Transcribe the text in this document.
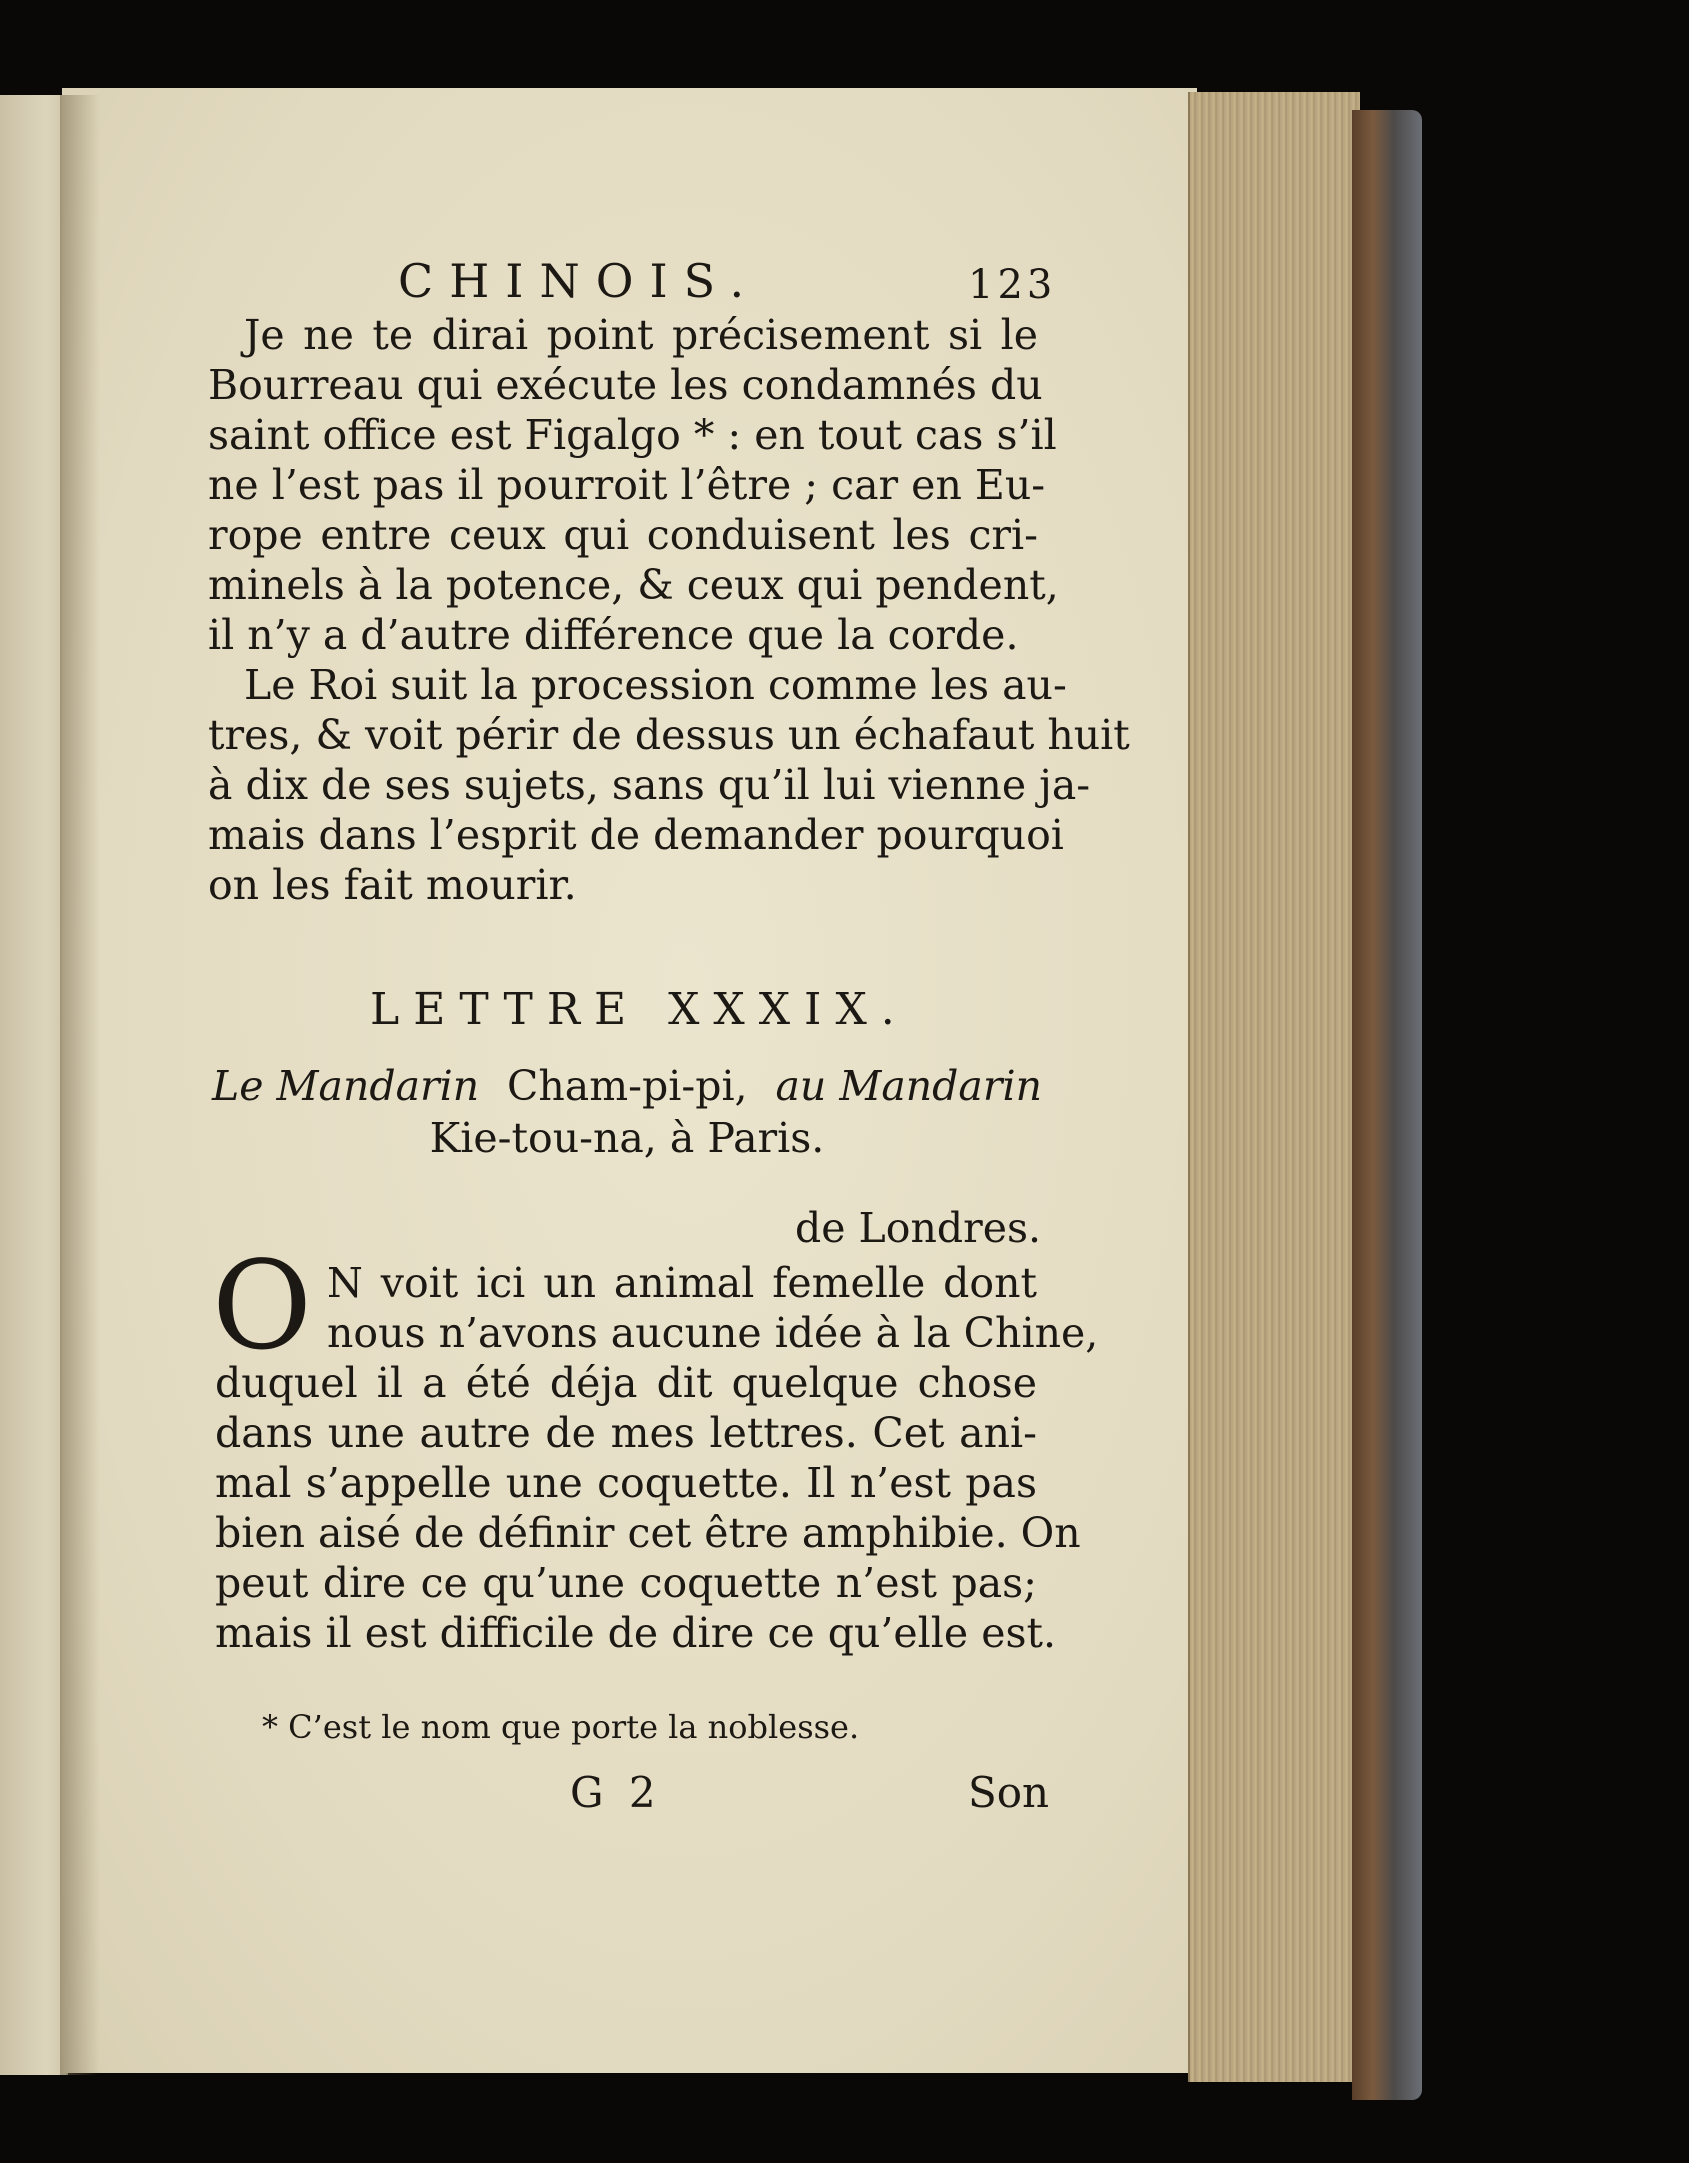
CHINOIS.	123
Je ne te dirai point précisement si le
Bourreau qui exécute les condamnés du
saint office est Figalgo * : en tout cas s’il
ne l’est pas il pourroit l’être ; car en Eu-
rope entre ceux qui conduisent les cri-
minels à la potence, & ceux qui pendent,
il n’y a d’autre différence que la corde.
Le Roi suit la procession comme les au-
tres, & voit périr de dessus un échafaut huit
à dix de ses sujets, sans qu’il lui vienne ja-
mais dans l’esprit de demander pourquoi
on les fait mourir.
LETTRE XXXIX.
Le Mandarin Cham-pi-pi, au Mandarin
Kie-tou-na, à Paris.
de Londres.
O N voit ici un animal femelle dont
nous n’avons aucune idée à la Chine,
duquel il a été déja dit quelque chose
dans une autre de mes lettres. Cet ani-
mal s’appelle une coquette. Il n’est pas
bien aisé de définir cet être amphibie. On
peut dire ce qu’une coquette n’est pas;
mais il est difficile de dire ce qu’elle est.
* C’est le nom que porte la noblesse.
G 2	Son
